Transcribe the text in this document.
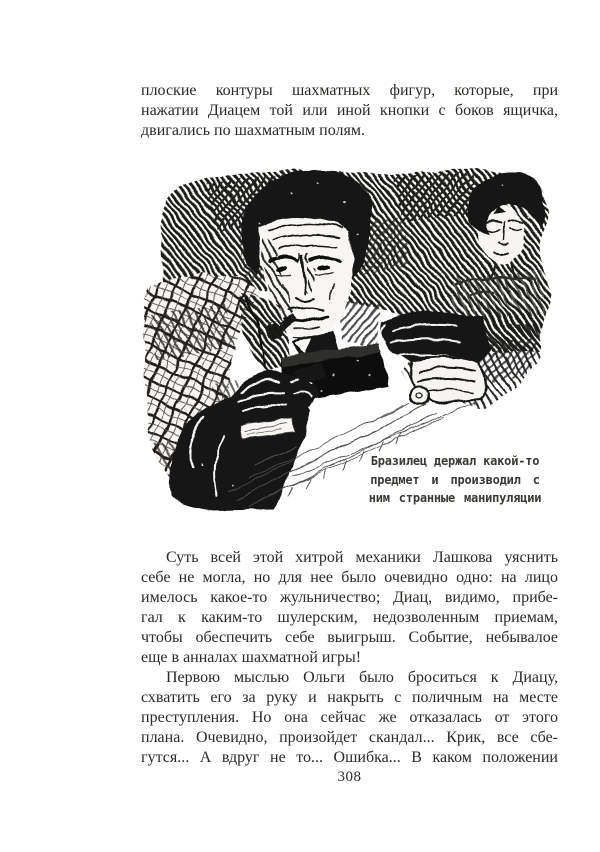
плоские контуры шахматных фигур, которые, при
нажатии Диацем той или иной кнопки с боков ящичка,
двигались по шахматным полям.
Бразилец держал какой-то
предмет и производил с
ним странные манипуляции
Суть всей этой хитрой механики Лашкова уяснить
себе не могла, но для нее было очевидно одно: на лицо
имелось какое-то жульничество; Диац, видимо, прибе-
гал к каким-то шулерским, недозволенным приемам,
чтобы обеспечить себе выигрыш. Событие, небывалое
еще в анналах шахматной игры!
Первою мыслью Ольги было броситься к Диацу,
схватить его за руку и накрыть с поличным на месте
преступления. Но она сейчас же отказалась от этого
плана. Очевидно, произойдет скандал... Крик, все сбе-
гутся... А вдруг не то... Ошибка... В каком положении
308
